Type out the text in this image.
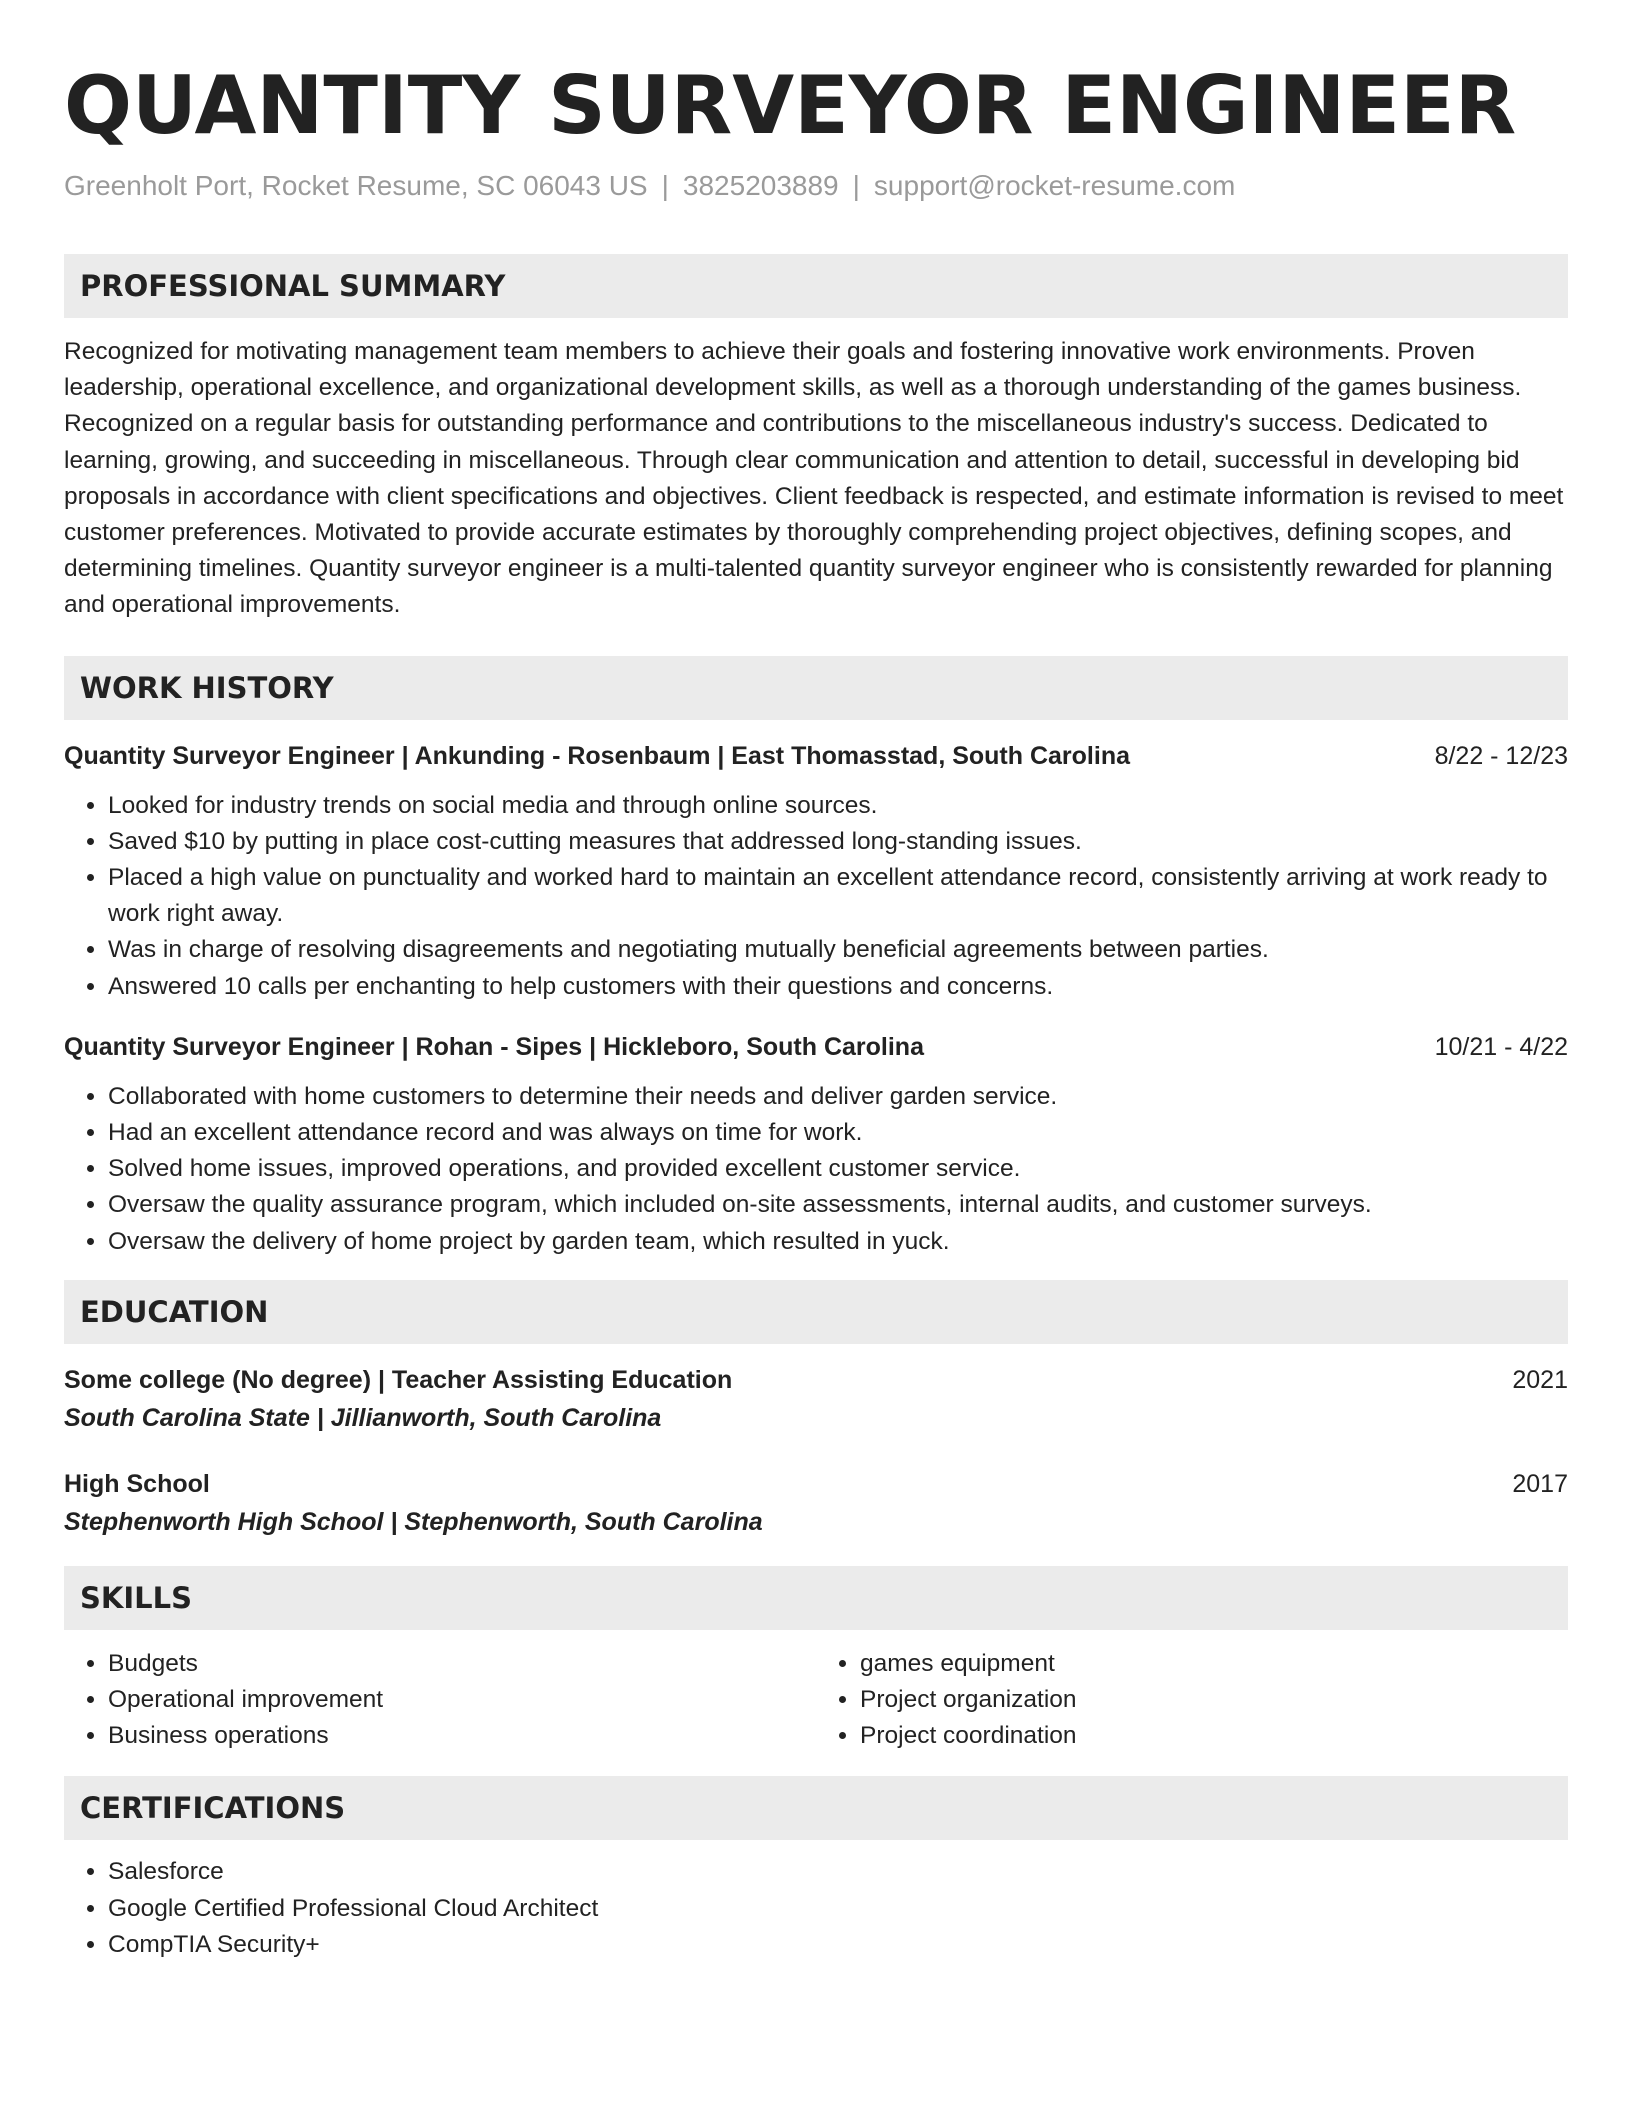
QUANTITY SURVEYOR ENGINEER
Greenholt Port, Rocket Resume, SC 06043 US | 3825203889 | support@rocket-resume.com
PROFESSIONAL SUMMARY
Recognized for motivating management team members to achieve their goals and fostering innovative work environments. Proven leadership, operational excellence, and organizational development skills, as well as a thorough understanding of the games business. Recognized on a regular basis for outstanding performance and contributions to the miscellaneous industry's success. Dedicated to learning, growing, and succeeding in miscellaneous. Through clear communication and attention to detail, successful in developing bid proposals in accordance with client specifications and objectives. Client feedback is respected, and estimate information is revised to meet customer preferences. Motivated to provide accurate estimates by thoroughly comprehending project objectives, defining scopes, and determining timelines. Quantity surveyor engineer is a multi-talented quantity surveyor engineer who is consistently rewarded for planning and operational improvements.
WORK HISTORY
Quantity Surveyor Engineer | Ankunding - Rosenbaum | East Thomasstad, South Carolina	8/22 - 12/23
• Looked for industry trends on social media and through online sources.
• Saved $10 by putting in place cost-cutting measures that addressed long-standing issues.
• Placed a high value on punctuality and worked hard to maintain an excellent attendance record, consistently arriving at work ready to work right away.
• Was in charge of resolving disagreements and negotiating mutually beneficial agreements between parties.
• Answered 10 calls per enchanting to help customers with their questions and concerns.
Quantity Surveyor Engineer | Rohan - Sipes | Hickleboro, South Carolina	10/21 - 4/22
• Collaborated with home customers to determine their needs and deliver garden service.
• Had an excellent attendance record and was always on time for work.
• Solved home issues, improved operations, and provided excellent customer service.
• Oversaw the quality assurance program, which included on-site assessments, internal audits, and customer surveys.
• Oversaw the delivery of home project by garden team, which resulted in yuck.
EDUCATION
Some college (No degree) | Teacher Assisting Education	2021
South Carolina State | Jillianworth, South Carolina
High School	2017
Stephenworth High School | Stephenworth, South Carolina
SKILLS
• Budgets
• Operational improvement
• Business operations
• games equipment
• Project organization
• Project coordination
CERTIFICATIONS
• Salesforce
• Google Certified Professional Cloud Architect
• CompTIA Security+
